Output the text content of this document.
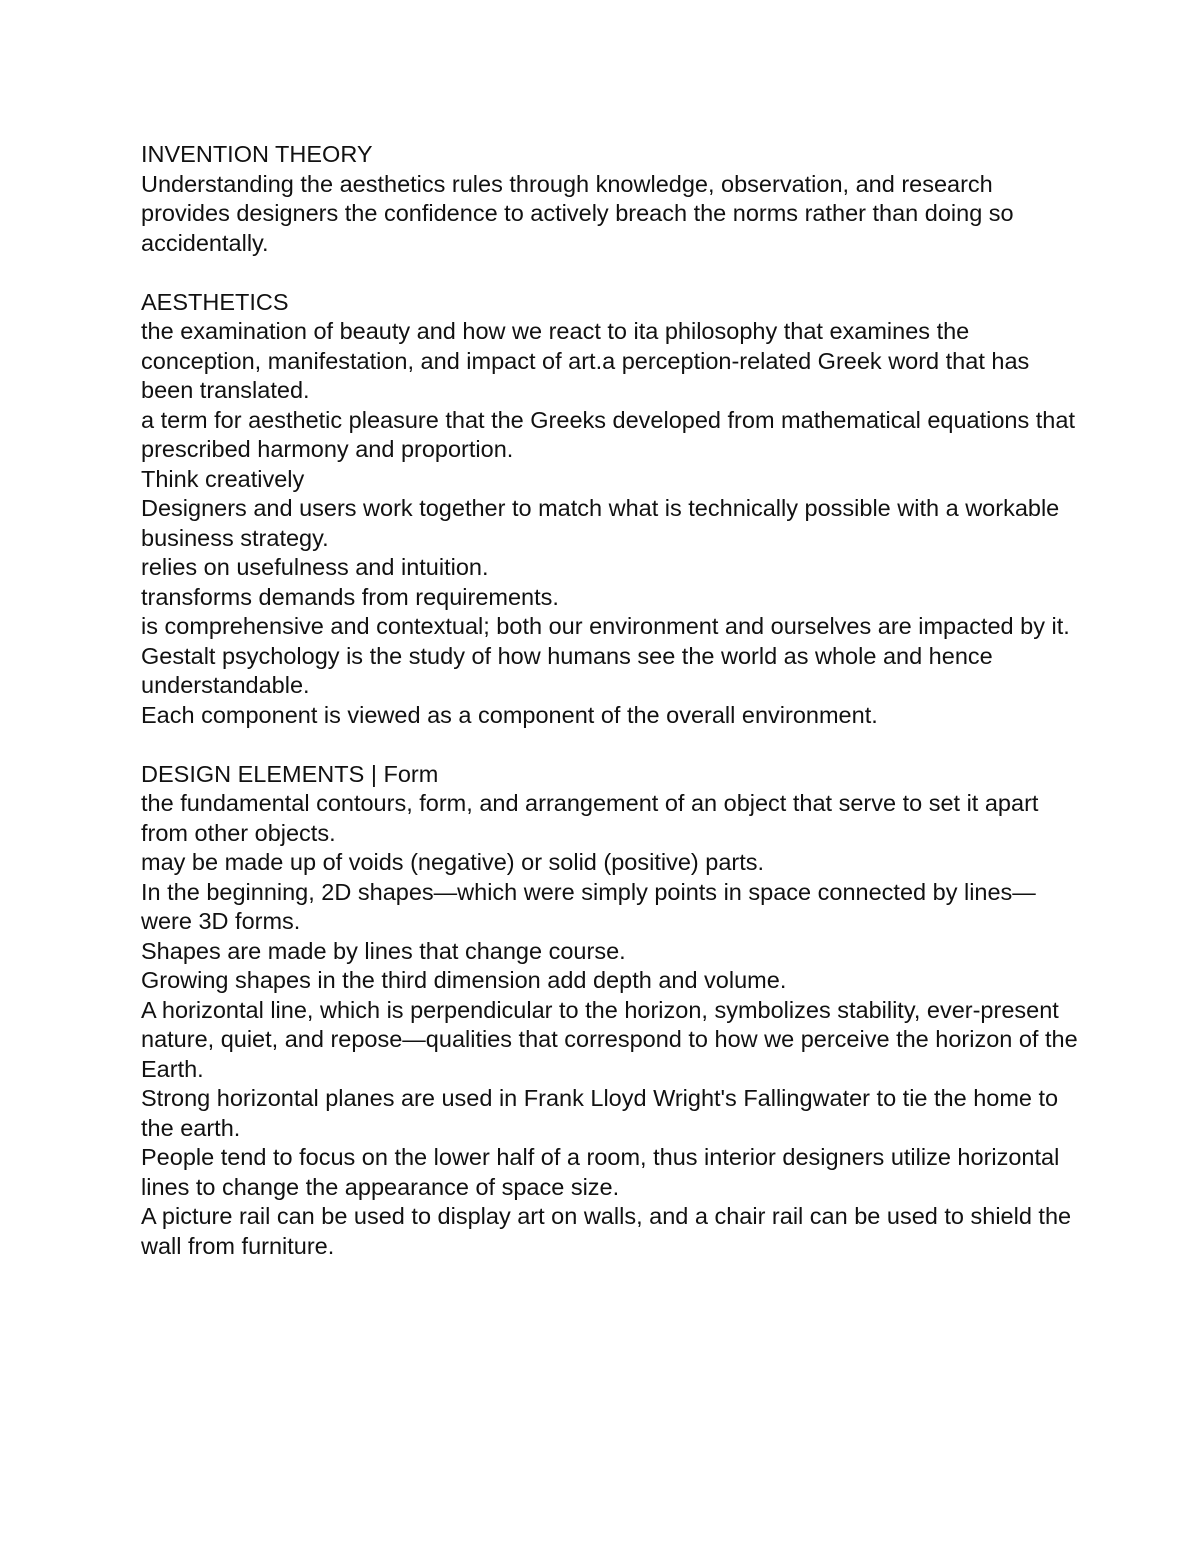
INVENTION THEORY

Understanding the aesthetics rules through knowledge, observation, and research provides designers the confidence to actively breach the norms rather than doing so accidentally.

AESTHETICS

the examination of beauty and how we react to ita philosophy that examines the conception, manifestation, and impact of art.a perception-related Greek word that has been translated.

a term for aesthetic pleasure that the Greeks developed from mathematical equations that prescribed harmony and proportion.

Think creatively

Designers and users work together to match what is technically possible with a workable business strategy.

relies on usefulness and intuition.

transforms demands from requirements.

is comprehensive and contextual; both our environment and ourselves are impacted by it.

Gestalt psychology is the study of how humans see the world as whole and hence understandable.

Each component is viewed as a component of the overall environment.

DESIGN ELEMENTS | Form

the fundamental contours, form, and arrangement of an object that serve to set it apart from other objects.

may be made up of voids (negative) or solid (positive) parts.

In the beginning, 2D shapes—which were simply points in space connected by lines—were 3D forms.

Shapes are made by lines that change course.

Growing shapes in the third dimension add depth and volume.

A horizontal line, which is perpendicular to the horizon, symbolizes stability, ever-present nature, quiet, and repose—qualities that correspond to how we perceive the horizon of the Earth.

Strong horizontal planes are used in Frank Lloyd Wright's Fallingwater to tie the home to the earth.

People tend to focus on the lower half of a room, thus interior designers utilize horizontal lines to change the appearance of space size.

A picture rail can be used to display art on walls, and a chair rail can be used to shield the wall from furniture.
